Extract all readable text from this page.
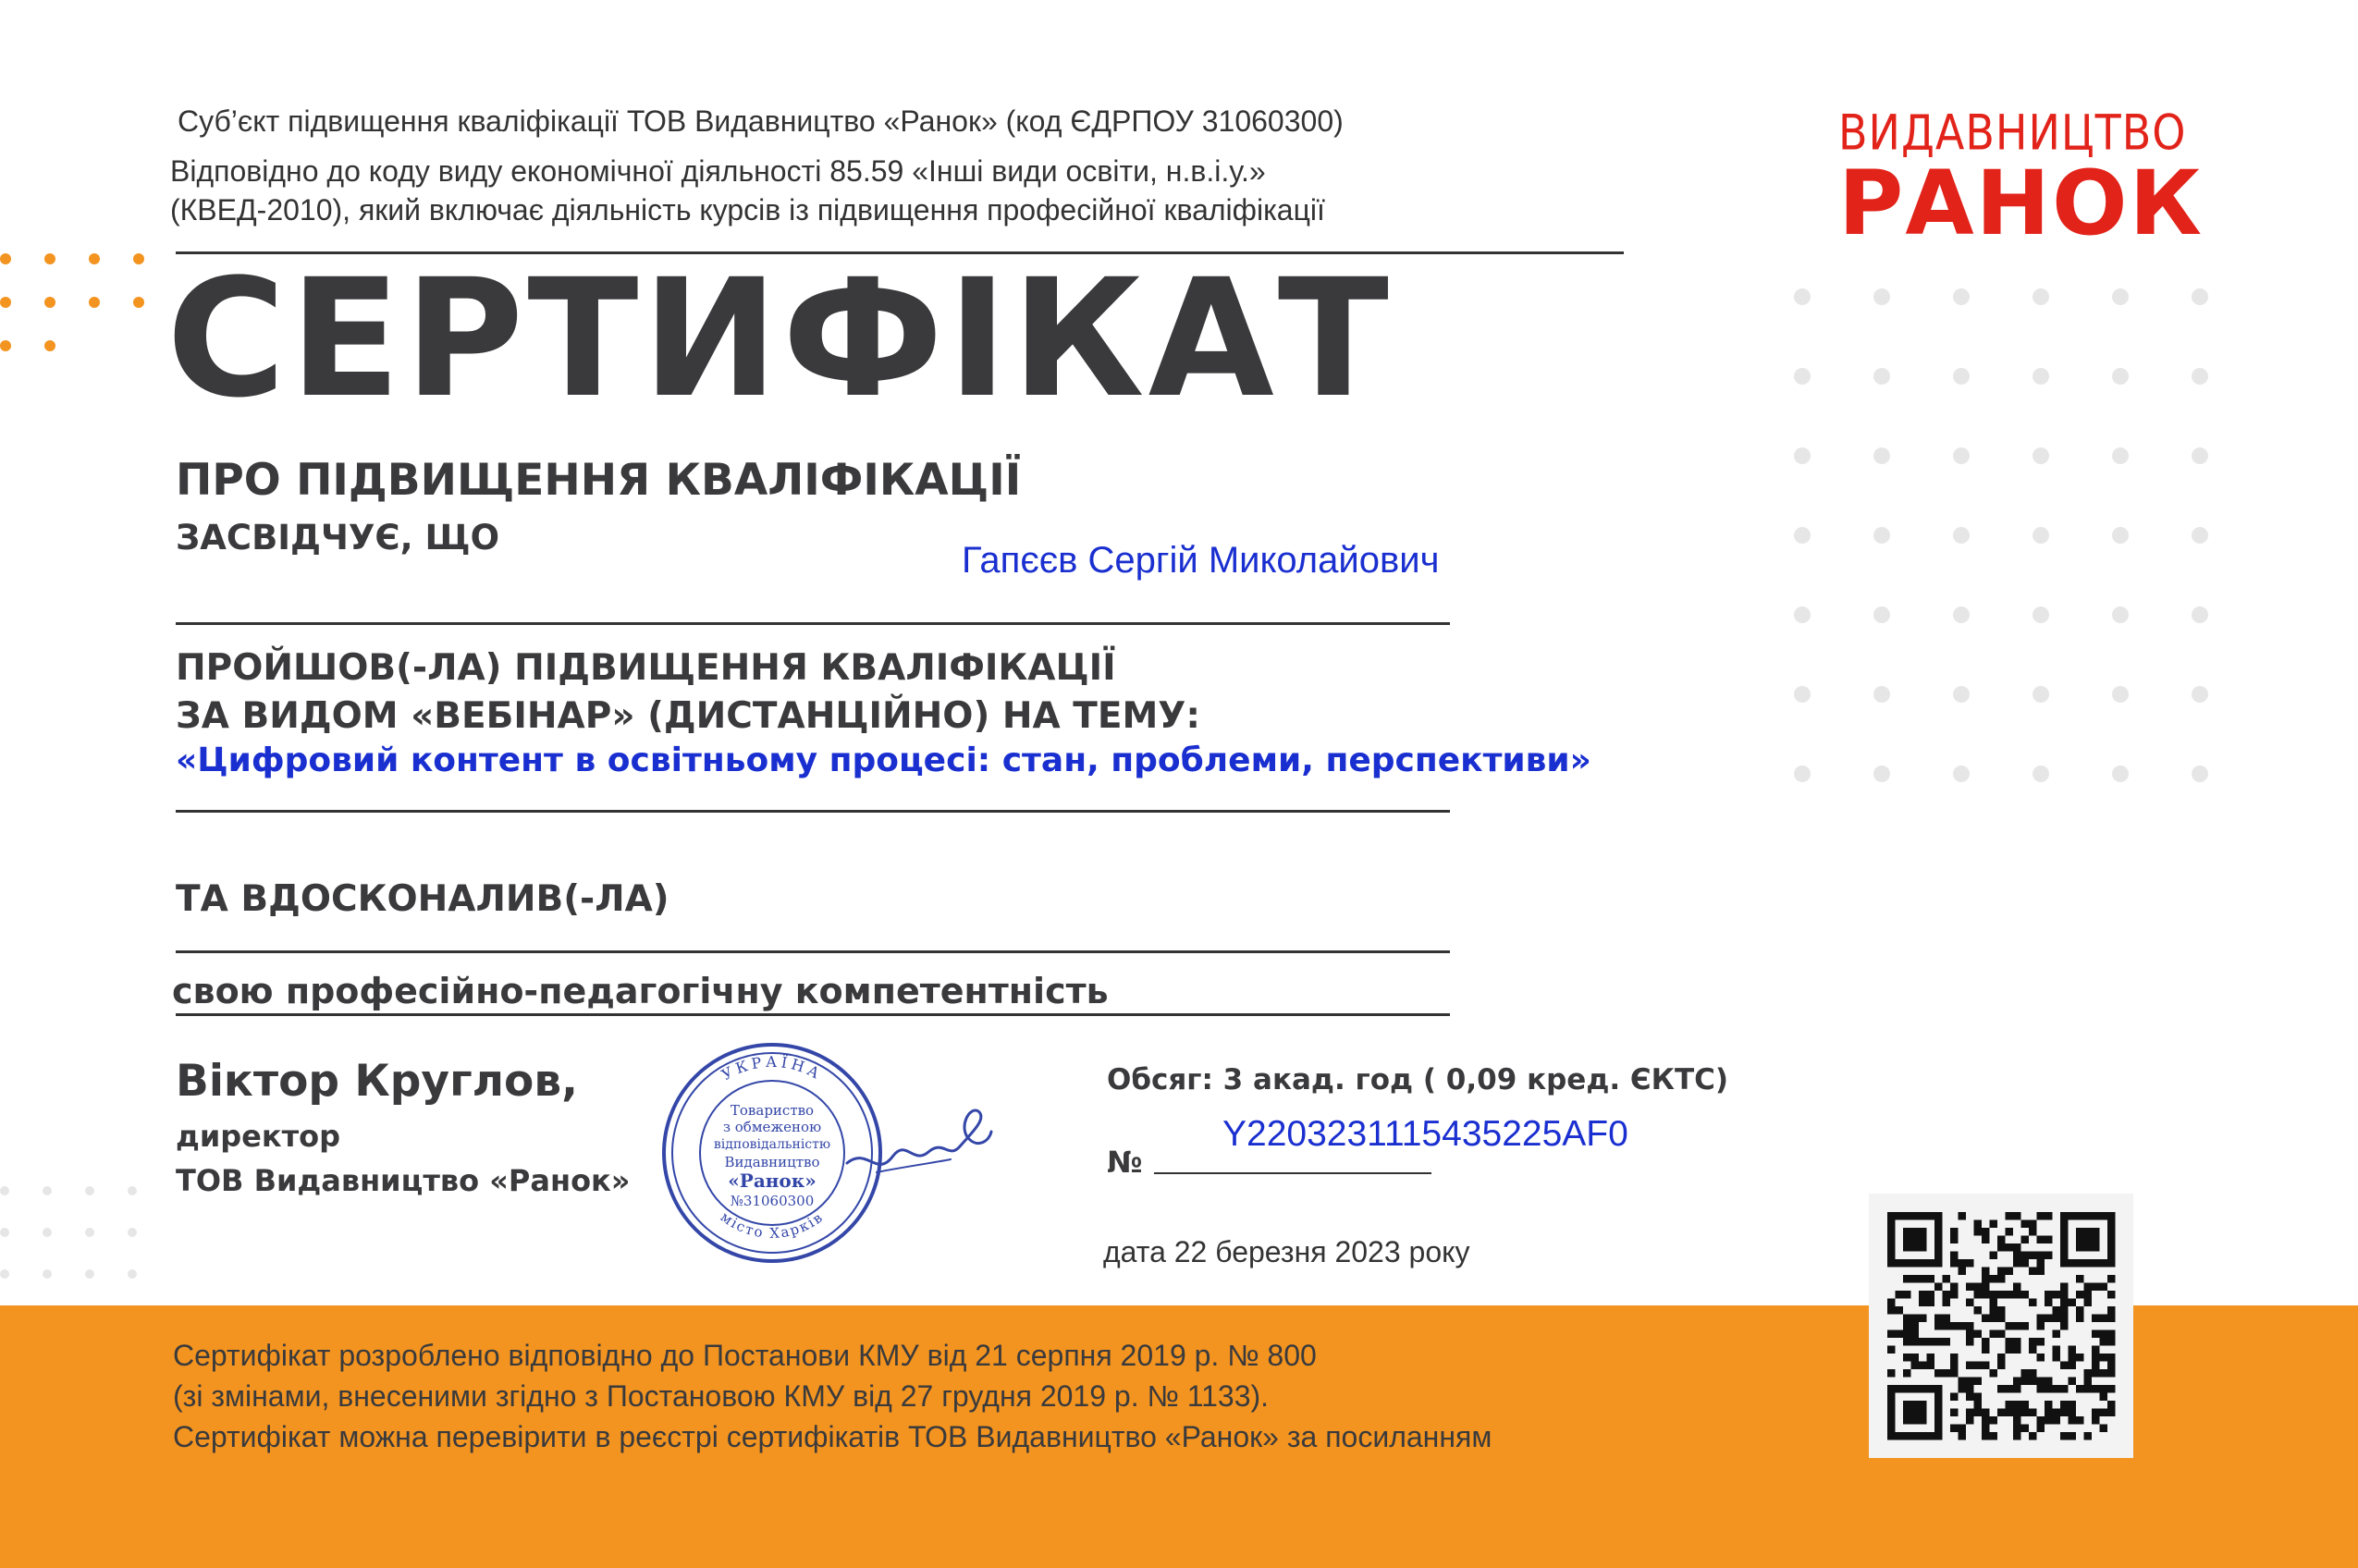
Суб’єкт підвищення кваліфікації ТОВ Видавництво «Ранок» (код ЄДРПОУ 31060300)
Відповідно до коду виду економічної діяльності 85.59 «Інші види освіти, н.в.і.у.»
(КВЕД-2010), який включає діяльність курсів із підвищення професійної кваліфікації
ВИДАВНИЦТВО
РАНОК
СЕРТИФІКАТ
ПРО ПІДВИЩЕННЯ КВАЛІФІКАЦІЇ
ЗАСВІДЧУЄ, ЩО
Гапєєв Сергій Миколайович
ПРОЙШОВ(-ЛА) ПІДВИЩЕННЯ КВАЛІФІКАЦІЇ
ЗА ВИДОМ «ВЕБІНАР» (ДИСТАНЦІЙНО) НА ТЕМУ:
«Цифровий контент в освітньому процесі: стан, проблеми, перспективи»
ТА ВДОСКОНАЛИВ(-ЛА)
свою професійно-педагогічну компетентність
Віктор Круглов,
директор
ТОВ Видавництво «Ранок»
УКРАЇНА
місто Харків
Товариство
з обмеженою
відповідальністю
Видавництво
«Ранок»
№31060300
Обсяг: 3 акад. год ( 0,09 кред. ЄКТС)
№
Y2203231115435225AF0
дата 22 березня 2023 року
Сертифікат розроблено відповідно до Постанови КМУ від 21 серпня 2019 р. № 800
(зі змінами, внесеними згідно з Постановою КМУ від 27 грудня 2019 р. № 1133).
Сертифікат можна перевірити в реєстрі сертифікатів ТОВ Видавництво «Ранок» за посиланням
